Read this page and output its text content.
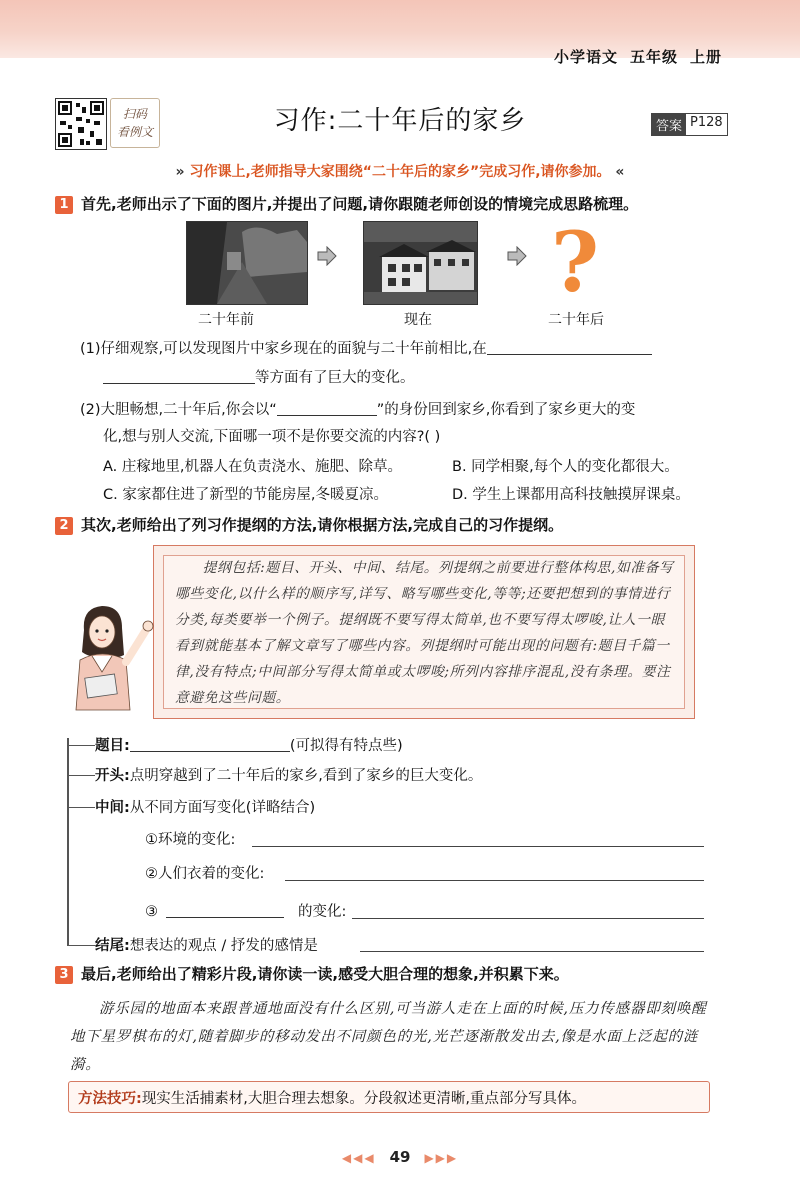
小学语文 五年级 上册
扫码
看例文	习作:二十年后的家乡	答案 P128
» 习作课上,老师指导大家围绕“二十年后的家乡”完成习作,请你参加。 «
1 首先,老师出示了下面的图片,并提出了问题,请你跟随老师创设的情境完成思路梳理。
?
二十年前	现在	二十年后
(1)仔细观察,可以发现图片中家乡现在的面貌与二十年前相比,在
等方面有了巨大的变化。
(2)大胆畅想,二十年后,你会以“	”的身份回到家乡,你看到了家乡更大的变
化,想与别人交流,下面哪一项不是你要交流的内容?( )
A. 庄稼地里,机器人在负责浇水、施肥、除草。	B. 同学相聚,每个人的变化都很大。
C. 家家都住进了新型的节能房屋,冬暖夏凉。	D. 学生上课都用高科技触摸屏课桌。
2 其次,老师给出了列习作提纲的方法,请你根据方法,完成自己的习作提纲。

提纲包括:题目、开头、中间、结尾。列提纲之前要进行整体构思,如准备写哪些变化,以什么样的顺序写,详写、略写哪些变化,等等;还要把想到的事情进行分类,每类要举一个例子。提纲既不要写得太简单,也不要写得太啰唆,让人一眼看到就能基本了解文章写了哪些内容。列提纲时可能出现的问题有:题目千篇一律,没有特点;中间部分写得太简单或太啰唆;所列内容排序混乱,没有条理。要注意避免这些问题。

题目:	(可拟得有特点些)
开头:点明穿越到了二十年后的家乡,看到了家乡的巨大变化。
中间:从不同方面写变化(详略结合)
①环境的变化:
②人们衣着的变化:
③	的变化:
结尾:想表达的观点 / 抒发的感情是
3 最后,老师给出了精彩片段,请你读一读,感受大胆合理的想象,并积累下来。

游乐园的地面本来跟普通地面没有什么区别,可当游人走在上面的时候,压力传感器即刻唤醒地下星罗棋布的灯,随着脚步的移动发出不同颜色的光,光芒逐渐散发出去,像是水面上泛起的涟漪。

方法技巧:现实生活捕素材,大胆合理去想象。分段叙述更清晰,重点部分写具体。
◀◀◀ 49 ▶▶▶
